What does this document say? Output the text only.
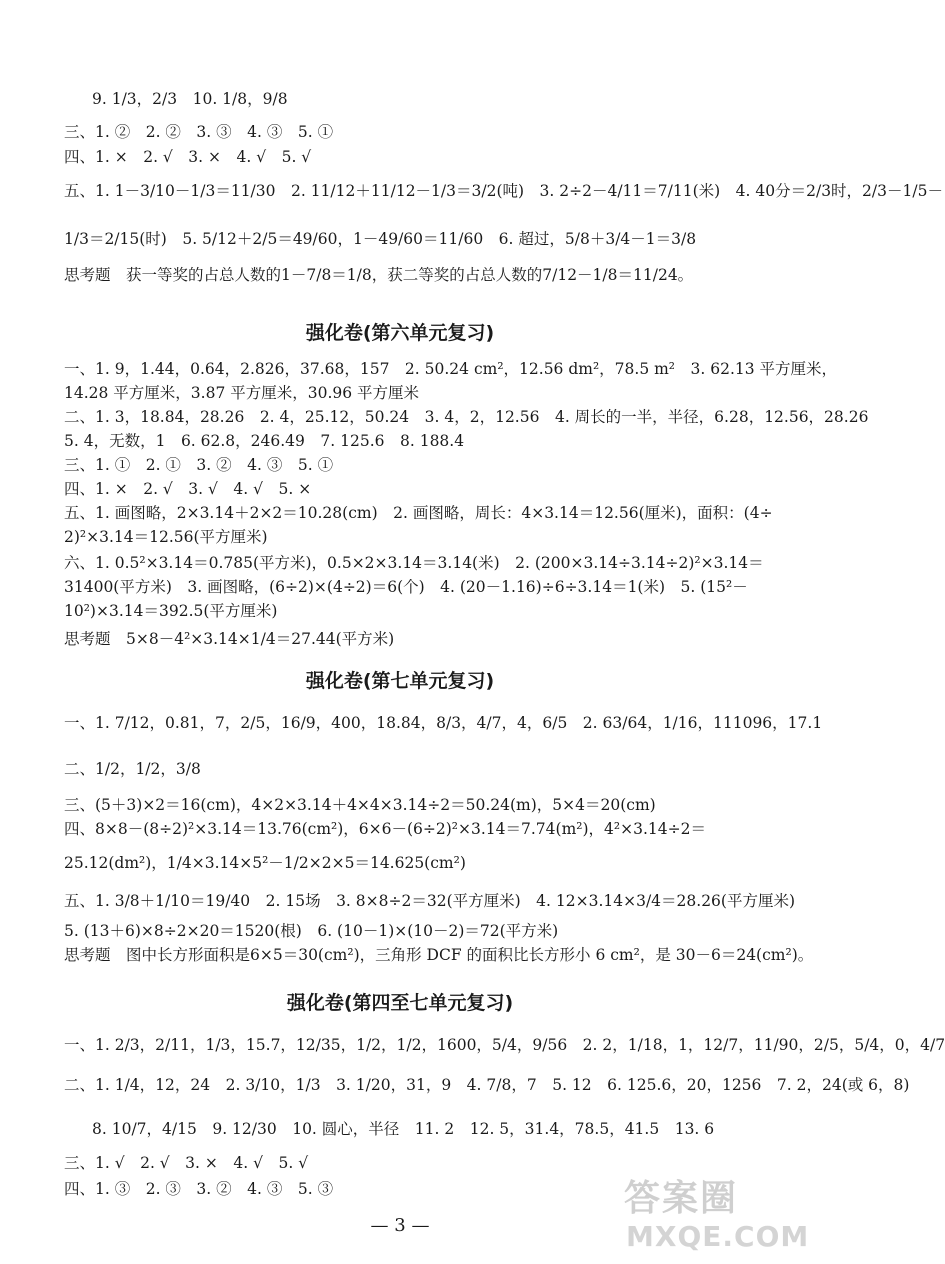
9. 1/3，2/3　10. 1/8，9/8
三、1. ②　2. ②　3. ③　4. ③　5. ①
四、1. ×　2. √　3. ×　4. √　5. √
五、1. 1－3/10－1/3＝11/30　2. 11/12＋11/12－1/3＝3/2(吨)　3. 2÷2－4/11＝7/11(米)　4. 40分＝2/3时，2/3－1/5－
1/3＝2/15(时)　5. 5/12＋2/5＝49/60，1－49/60＝11/60　6. 超过，5/8＋3/4－1＝3/8
思考题　获一等奖的占总人数的1－7/8＝1/8，获二等奖的占总人数的7/12－1/8＝11/24。
强化卷(第六单元复习)
一、1. 9，1.44，0.64，2.826，37.68，157　2. 50.24 cm²，12.56 dm²，78.5 m²　3. 62.13 平方厘米，
14.28 平方厘米，3.87 平方厘米，30.96 平方厘米
二、1. 3，18.84，28.26　2. 4，25.12，50.24　3. 4，2，12.56　4. 周长的一半，半径，6.28，12.56，28.26
5. 4，无数，1　6. 62.8，246.49　7. 125.6　8. 188.4
三、1. ①　2. ①　3. ②　4. ③　5. ①
四、1. ×　2. √　3. √　4. √　5. ×
五、1. 画图略，2×3.14＋2×2＝10.28(cm)　2. 画图略，周长：4×3.14＝12.56(厘米)，面积：(4÷
2)²×3.14＝12.56(平方厘米)
六、1. 0.5²×3.14＝0.785(平方米)，0.5×2×3.14＝3.14(米)　2. (200×3.14÷3.14÷2)²×3.14＝
31400(平方米)　3. 画图略，(6÷2)×(4÷2)＝6(个)　4. (20－1.16)÷6÷3.14＝1(米)　5. (15²－
10²)×3.14＝392.5(平方厘米)
思考题　5×8－4²×3.14×1/4＝27.44(平方米)
强化卷(第七单元复习)
一、1. 7/12，0.81，7，2/5，16/9，400，18.84，8/3，4/7，4，6/5　2. 63/64，1/16，111096，17.1
二、1/2，1/2，3/8
三、(5＋3)×2＝16(cm)，4×2×3.14＋4×4×3.14÷2＝50.24(m)，5×4＝20(cm)
四、8×8－(8÷2)²×3.14＝13.76(cm²)，6×6－(6÷2)²×3.14＝7.74(m²)，4²×3.14÷2＝
25.12(dm²)，1/4×3.14×5²－1/2×2×5＝14.625(cm²)
五、1. 3/8＋1/10＝19/40　2. 15场　3. 8×8÷2＝32(平方厘米)　4. 12×3.14×3/4＝28.26(平方厘米)
5. (13＋6)×8÷2×20＝1520(根)　6. (10－1)×(10－2)＝72(平方米)
思考题　图中长方形面积是6×5＝30(cm²)，三角形 DCF 的面积比长方形小 6 cm²，是 30－6＝24(cm²)。
强化卷(第四至七单元复习)
一、1. 2/3，2/11，1/3，15.7，12/35，1/2，1/2，1600，5/4，9/56　2. 2，1/18，1，12/7，11/90，2/5，5/4，0，4/7
二、1. 1/4，12，24　2. 3/10，1/3　3. 1/20，31，9　4. 7/8，7　5. 12　6. 125.6，20，1256　7. 2，24(或 6，8)
8. 10/7，4/15　9. 12/30　10. 圆心，半径　11. 2　12. 5，31.4，78.5，41.5　13. 6
三、1. √　2. √　3. ×　4. √　5. √
四、1. ③　2. ③　3. ②　4. ③　5. ③
— 3 —
答案圈
MXQE.COM
